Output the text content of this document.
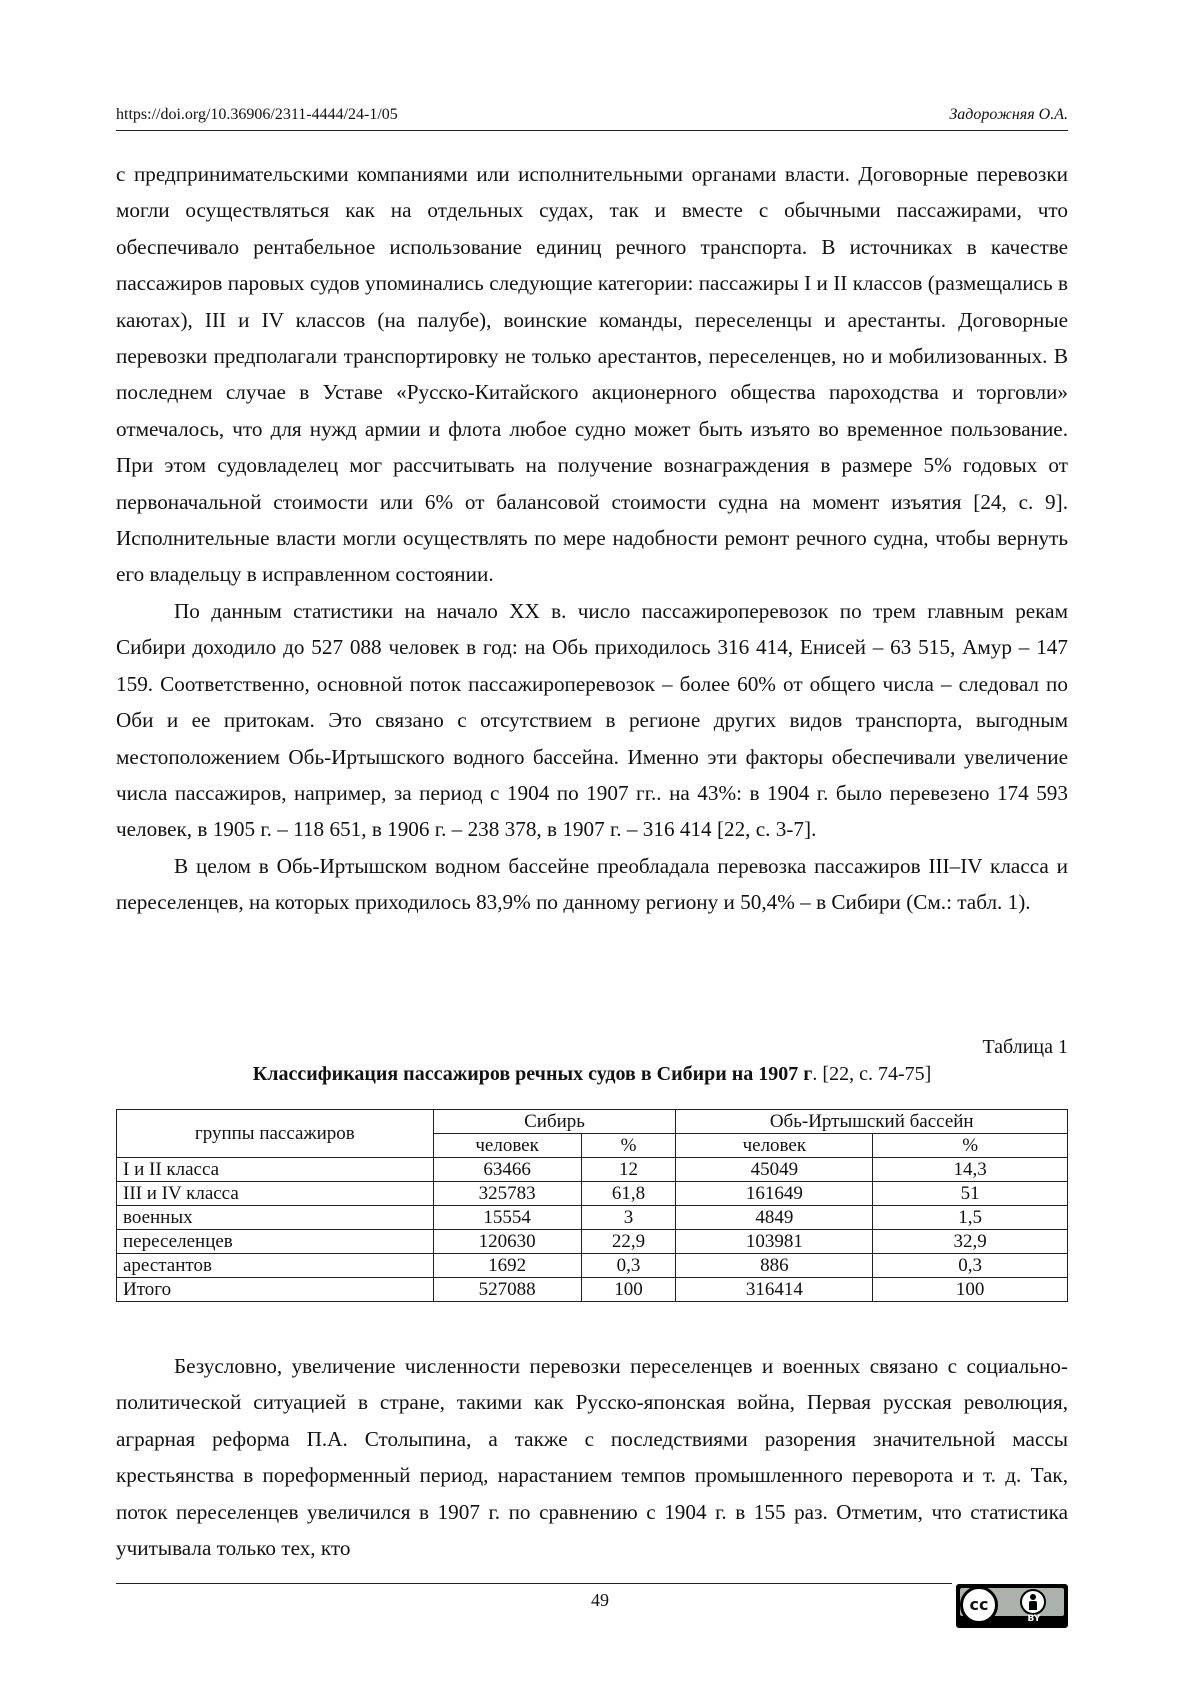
https://doi.org/10.36906/2311-4444/24-1/05	Задорожняя О.А.

с предпринимательскими компаниями или исполнительными органами власти. Договорные перевозки могли осуществляться как на отдельных судах, так и вместе с обычными пассажирами, что обеспечивало рентабельное использование единиц речного транспорта. В источниках в качестве пассажиров паровых судов упоминались следующие категории: пассажиры I и II классов (размещались в каютах), III и IV классов (на палубе), воинские команды, переселенцы и арестанты. Договорные перевозки предполагали транспортировку не только арестантов, переселенцев, но и мобилизованных. В последнем случае в Уставе «Русско-Китайского акционерного общества пароходства и торговли» отмечалось, что для нужд армии и флота любое судно может быть изъято во временное пользование. При этом судовладелец мог рассчитывать на получение вознаграждения в размере 5% годовых от первоначальной стоимости или 6% от балансовой стоимости судна на момент изъятия [24, с. 9]. Исполнительные власти могли осуществлять по мере надобности ремонт речного судна, чтобы вернуть его владельцу в исправленном состоянии.

По данным статистики на начало XX в. число пассажироперевозок по трем главным рекам Сибири доходило до 527 088 человек в год: на Обь приходилось 316 414, Енисей – 63 515, Амур – 147 159. Соответственно, основной поток пассажироперевозок – более 60% от общего числа – следовал по Оби и ее притокам. Это связано с отсутствием в регионе других видов транспорта, выгодным местоположением Обь-Иртышского водного бассейна. Именно эти факторы обеспечивали увеличение числа пассажиров, например, за период с 1904 по 1907 гг.. на 43%: в 1904 г. было перевезено 174 593 человек, в 1905 г. – 118 651, в 1906 г. – 238 378, в 1907 г. – 316 414 [22, с. 3-7].

В целом в Обь-Иртышском водном бассейне преобладала перевозка пассажиров III–IV класса и переселенцев, на которых приходилось 83,9% по данному региону и 50,4% – в Сибири (См.: табл. 1).

Таблица 1
Классификация пассажиров речных судов в Сибири на 1907 г. [22, с. 74-75]
группы пассажиров	Сибирь		Обь-Иртышский бассейн	
	человек	%	человек	%
I и II класса	63466	12	45049	14,3
III и IV класса	325783	61,8	161649	51
военных	15554	3	4849	1,5
переселенцев	120630	22,9	103981	32,9
арестантов	1692	0,3	886	0,3
Итого	527088	100	316414	100

Безусловно, увеличение численности перевозки переселенцев и военных связано с социально-политической ситуацией в стране, такими как Русско-японская война, Первая русская революция, аграрная реформа П.А. Столыпина, а также с последствиями разорения значительной массы крестьянства в пореформенный период, нарастанием темпов промышленного переворота и т. д. Так, поток переселенцев увеличился в 1907 г. по сравнению с 1904 г. в 155 раз. Отметим, что статистика учитывала только тех, кто

49	cc
BY
